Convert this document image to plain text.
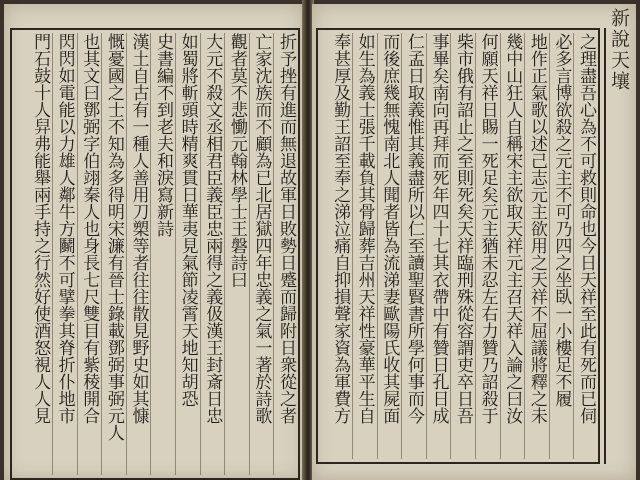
折予挫有進而無退故軍日敗勢日蹙而歸附日衆從之者
亡家沈族而不顧為已北居獄四年忠義之氣一著於詩歌
觀者莫不悲慟元翰林學士王磐詩曰
大元不殺文丞相君臣義臣忠兩得之義伋漢王封斎日忠
如蜀將斬頭時精爽貫日華夷見氣節凌霄天地知胡恐
史書編不到老夫和淚寫新詩
漢土自古有一種人善用刀槊等者往往散見野史如其慷
慨憂國之士不知為多得明宋濂有晉士錄載鄧弼事弼元人
也其文曰鄧弼字伯翊秦人也身長七尺雙目有紫稜開合
閃閃如電能以力雄人鄰牛方鬭不可擘拳其脊折仆地市
門石鼓十人舁弗能舉兩手持之行然好使酒怒視人人見	之理盡吾心為不可救則命也今日天祥至此有死而已伺
必多言博欲殺之元主不可乃四之坐臥一小樓足不履
地作正氣歌以述己志元主欲用之天祥不屈議將釋之未
幾中山狂人自稱宋主欲取天祥元主召天祥入論之曰汝
何願天祥日賜一死足矣元主猶未忍左右力贊乃詔殺于
柴市俄有詔止之至則死矣天祥臨刑殊從容謂吏卒日吾
事畢矣南向再拜而死年四十七其衣帶中有贊日孔日成
仁孟日取義惟其義盡所以仁至讀聖賢書所學何事而今
而後庶幾無愧南北人聞者皆為流涕妻歐陽氏收其屍面
如生為義士張千載負其骨歸葬吉州天祥性豪華平生自
奉甚厚及勤王詔至奉之涕泣痛自抑損聲家資為軍費方	新說天壤
